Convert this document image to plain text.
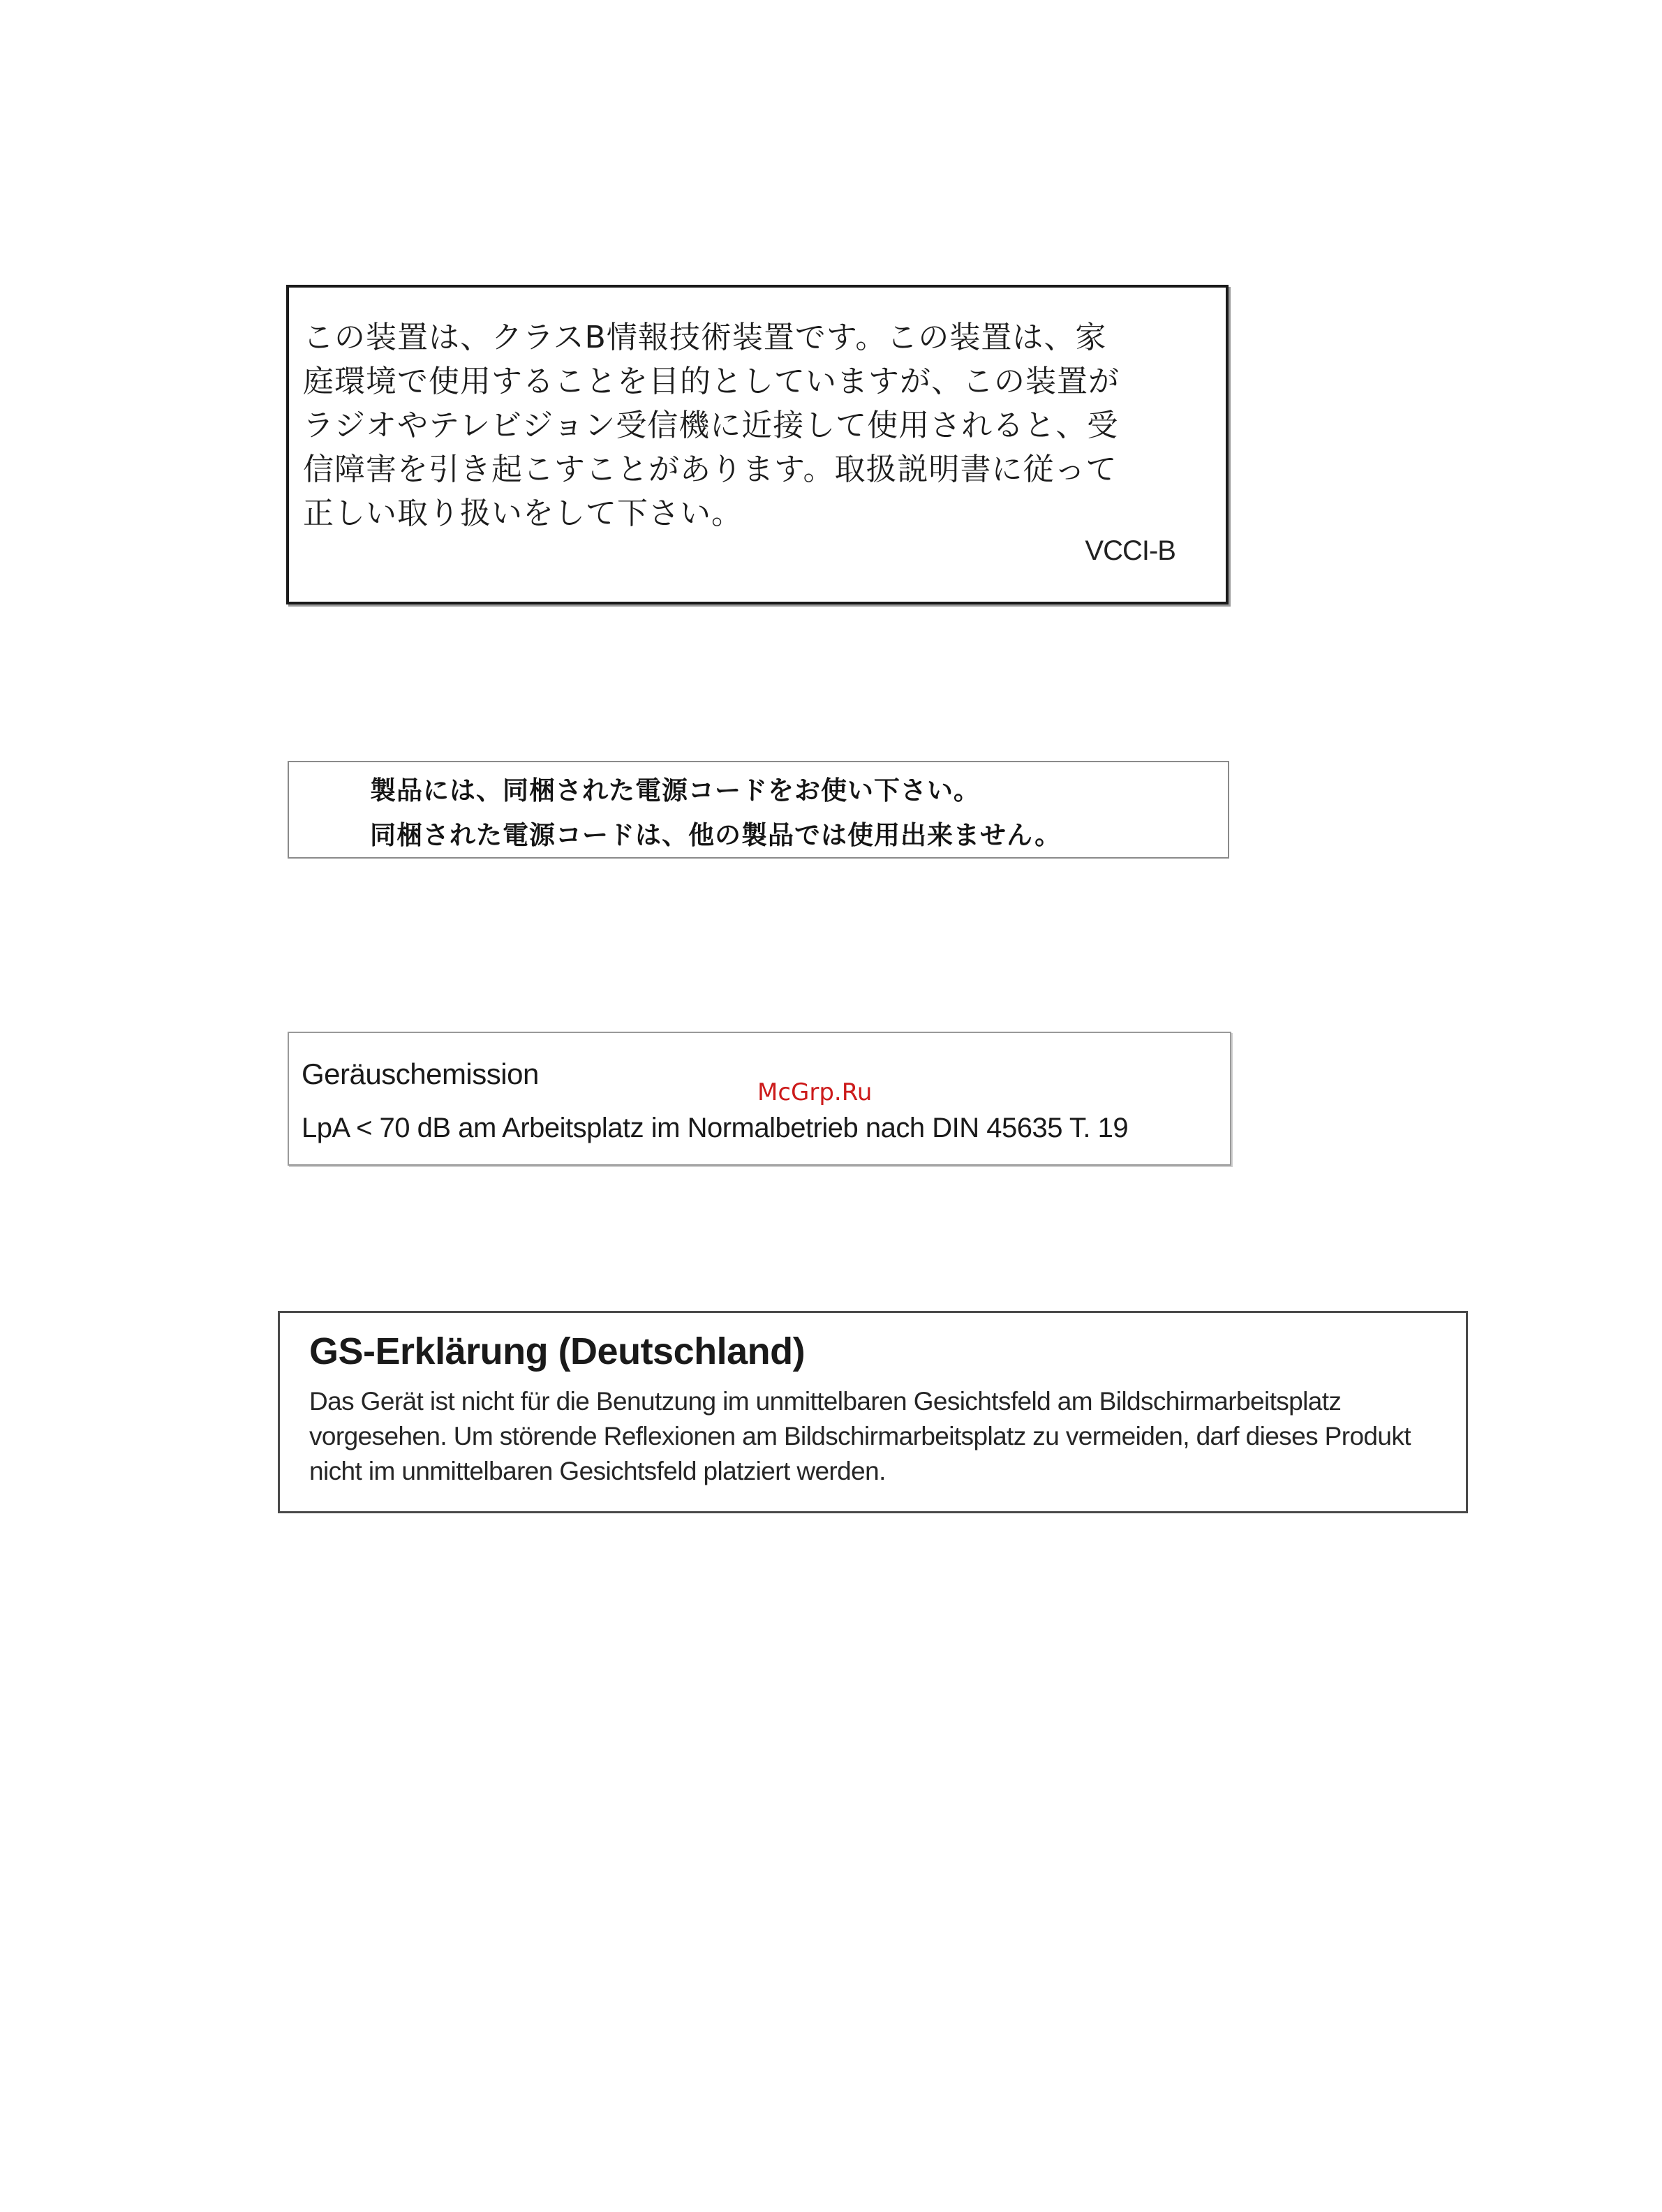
この装置は、クラスB情報技術装置です。この装置は、家
庭環境で使用することを目的としていますが、この装置が
ラジオやテレビジョン受信機に近接して使用されると、受
信障害を引き起こすことがあります。取扱説明書に従って
正しい取り扱いをして下さい。
VCCI-B
製品には、同梱された電源コードをお使い下さい。
同梱された電源コードは、他の製品では使用出来ません。
Geräuschemission
LpA < 70 dB am Arbeitsplatz im Normalbetrieb nach DIN 45635 T. 19
McGrp.Ru
GS-Erklärung (Deutschland)
Das Gerät ist nicht für die Benutzung im unmittelbaren Gesichtsfeld am Bildschirmarbeitsplatz
vorgesehen. Um störende Reflexionen am Bildschirmarbeitsplatz zu vermeiden, darf dieses Produkt
nicht im unmittelbaren Gesichtsfeld platziert werden.
